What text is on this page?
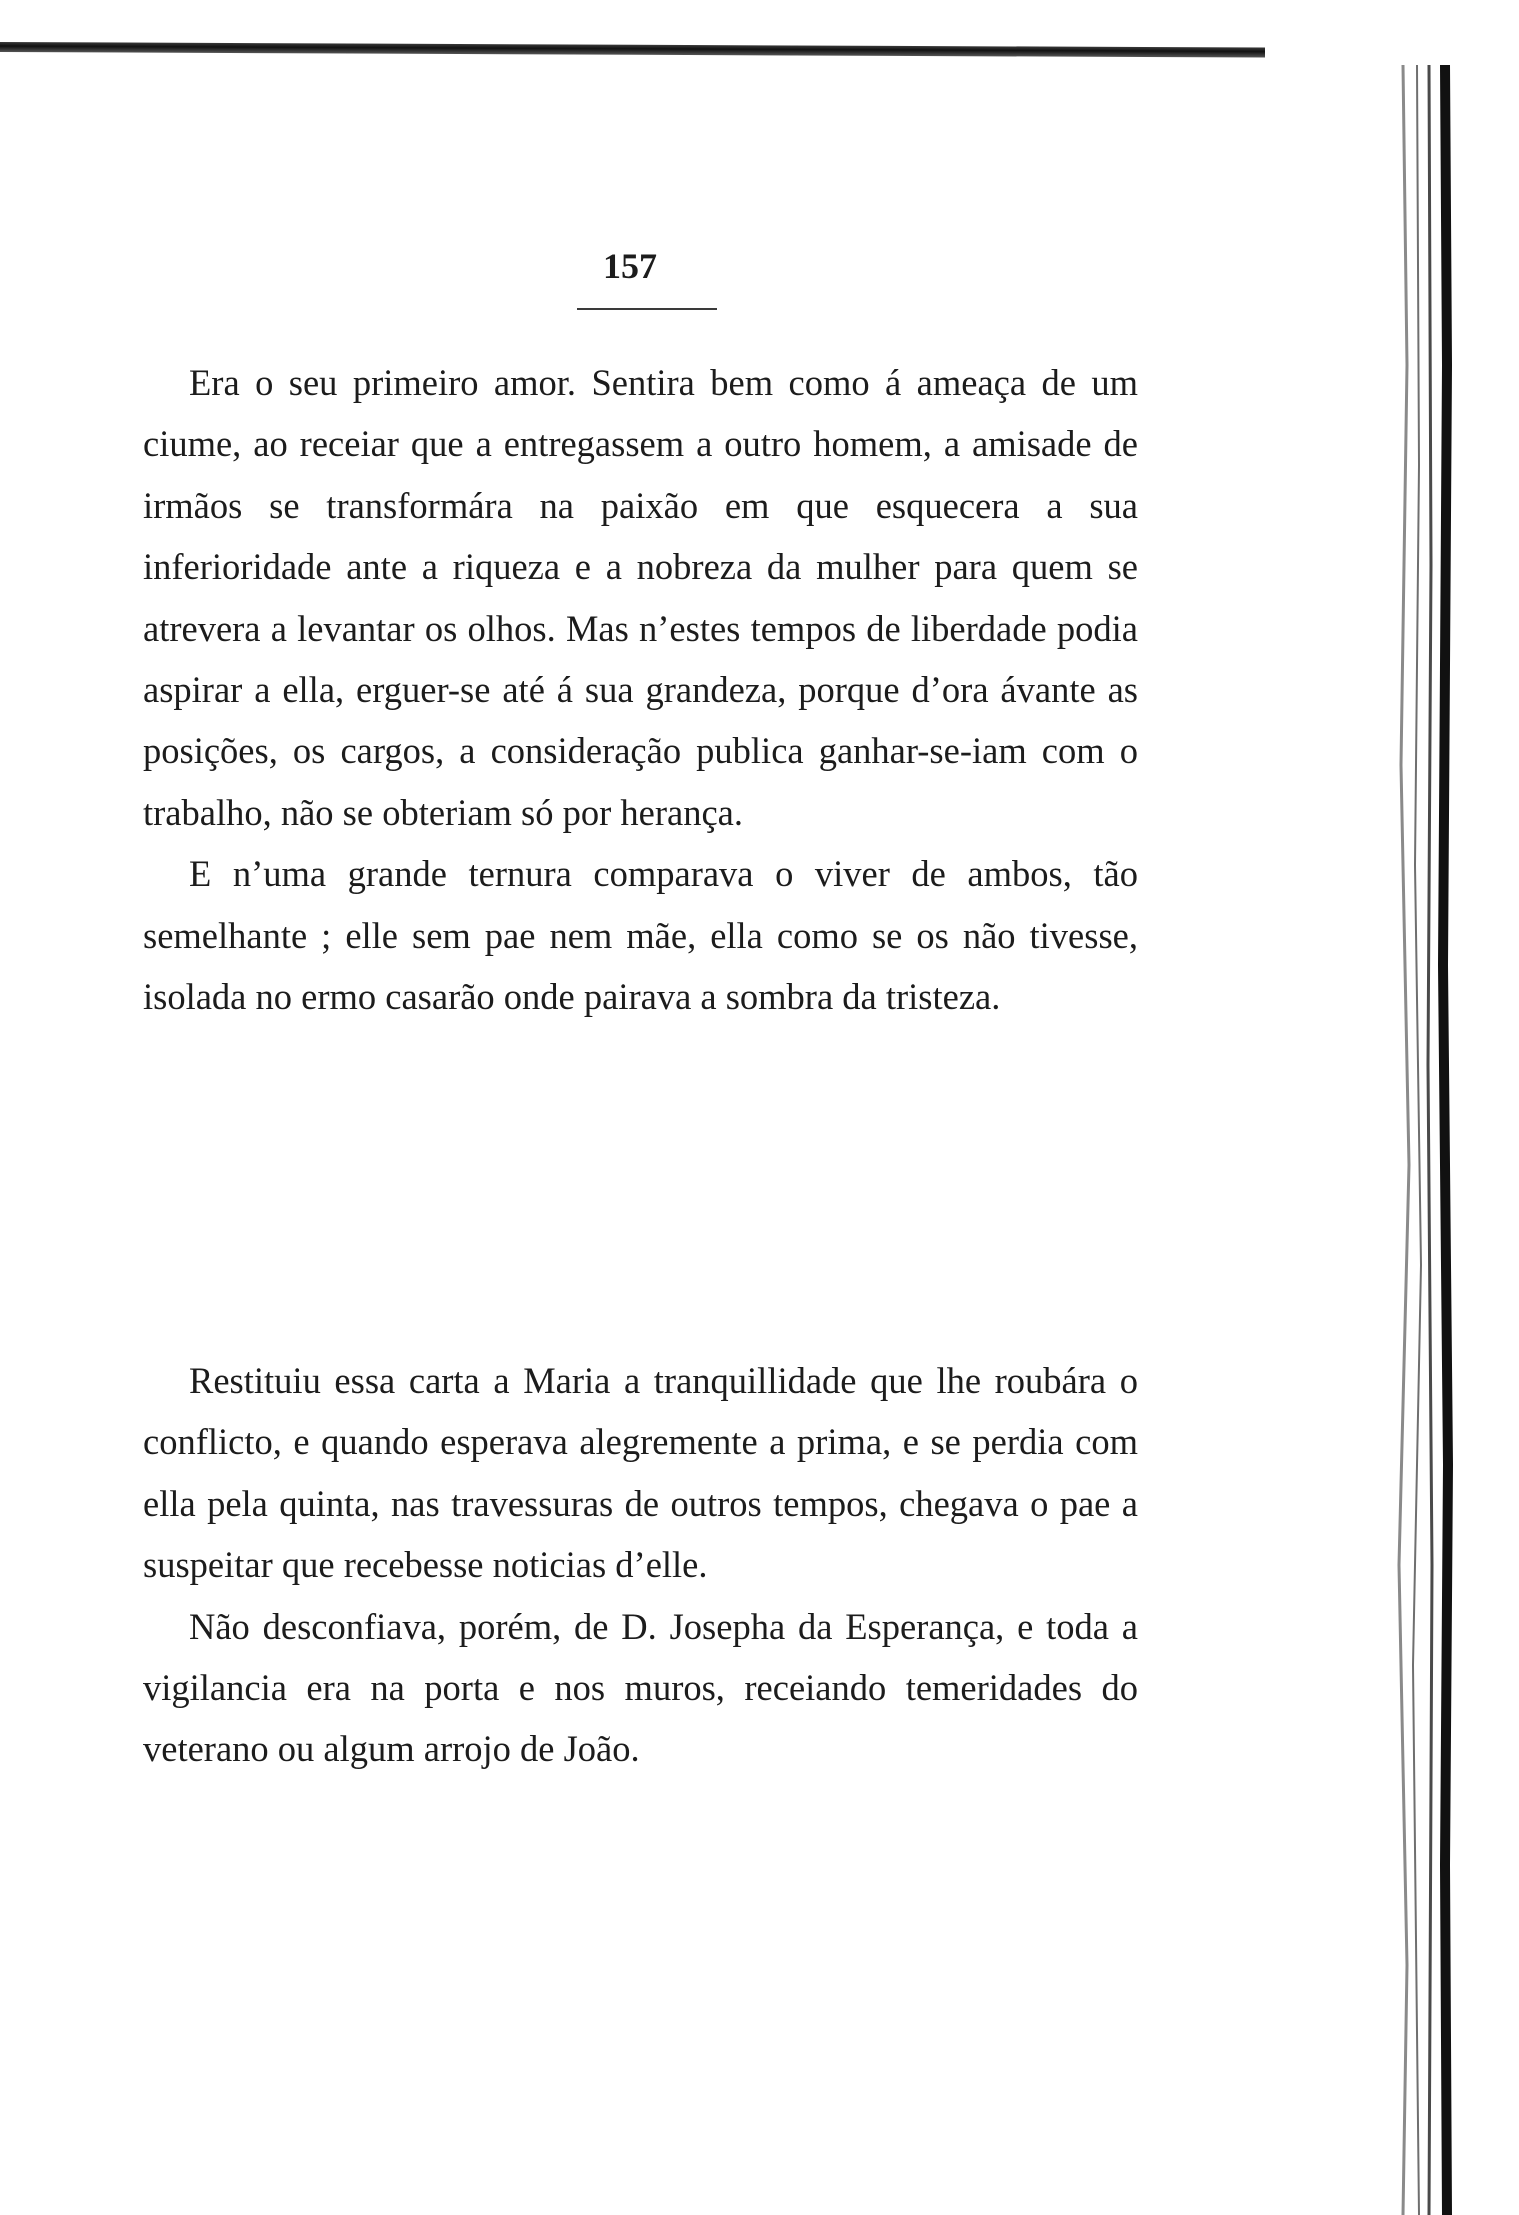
157

Era o seu primeiro amor. Sentira bem como á ameaça de um ciume, ao receiar que a entregassem a outro homem, a amisade de irmãos se transformára na paixão em que esquecera a sua inferioridade ante a riqueza e a nobreza da mulher para quem se atrevera a levantar os olhos. Mas n’estes tempos de liberdade podia aspirar a ella, erguer-se até á sua grandeza, porque d’ora ávante as posições, os cargos, a consideração publica ganhar-se-iam com o trabalho, não se obteriam só por herança.

E n’uma grande ternura comparava o viver de ambos, tão semelhante ; elle sem pae nem mãe, ella como se os não tivesse, isolada no ermo casarão onde pairava a sombra da tristeza.

Restituiu essa carta a Maria a tranquillidade que lhe roubára o conflicto, e quando esperava alegremente a prima, e se perdia com ella pela quinta, nas travessuras de outros tempos, chegava o pae a suspeitar que recebesse noticias d’elle.

Não desconfiava, porém, de D. Josepha da Esperança, e toda a vigilancia era na porta e nos muros, receiando temeridades do veterano ou algum arrojo de João.
